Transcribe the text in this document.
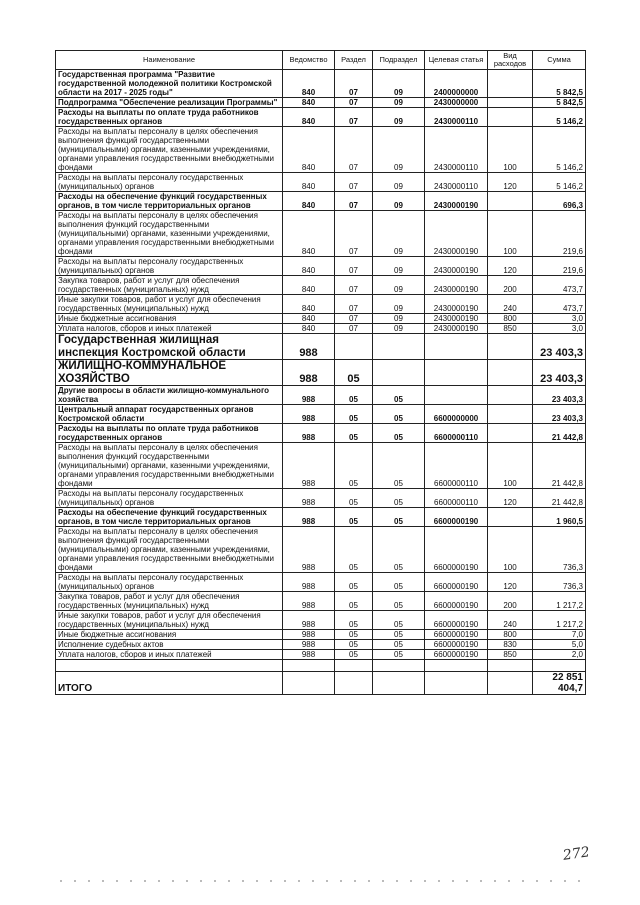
Наименование	Ведомство	Раздел	Подраздел	Целевая статья	Вид расходов	Сумма
Государственная программа "Развитие государственной молодежной политики Костромской области на 2017 - 2025 годы"	840	07	09	2400000000		5 842,5
Подпрограмма "Обеспечение реализации Программы"	840	07	09	2430000000		5 842,5
Расходы на выплаты по оплате труда работников государственных органов	840	07	09	2430000110		5 146,2
Расходы на выплаты персоналу в целях обеспечения выполнения функций государственными (муниципальными) органами, казенными учреждениями, органами управления государственными внебюджетными фондами	840	07	09	2430000110	100	5 146,2
Расходы на выплаты персоналу государственных (муниципальных) органов	840	07	09	2430000110	120	5 146,2
Расходы на обеспечение функций государственных органов, в том числе территориальных органов	840	07	09	2430000190		696,3
Расходы на выплаты персоналу в целях обеспечения выполнения функций государственными (муниципальными) органами, казенными учреждениями, органами управления государственными внебюджетными фондами	840	07	09	2430000190	100	219,6
Расходы на выплаты персоналу государственных (муниципальных) органов	840	07	09	2430000190	120	219,6
Закупка товаров, работ и услуг для обеспечения государственных (муниципальных) нужд	840	07	09	2430000190	200	473,7
Иные закупки товаров, работ и услуг для обеспечения государственных (муниципальных) нужд	840	07	09	2430000190	240	473,7
Иные бюджетные ассигнования	840	07	09	2430000190	800	3,0
Уплата налогов, сборов и иных платежей	840	07	09	2430000190	850	3,0
Государственная жилищная инспекция Костромской области	988					23 403,3
ЖИЛИЩНО-КОММУНАЛЬНОЕ ХОЗЯЙСТВО	988	05				23 403,3
Другие вопросы в области жилищно-коммунального хозяйства	988	05	05			23 403,3
Центральный аппарат государственных органов Костромской области	988	05	05	6600000000		23 403,3
Расходы на выплаты по оплате труда работников государственных органов	988	05	05	6600000110		21 442,8
Расходы на выплаты персоналу в целях обеспечения выполнения функций государственными (муниципальными) органами, казенными учреждениями, органами управления государственными внебюджетными фондами	988	05	05	6600000110	100	21 442,8
Расходы на выплаты персоналу государственных (муниципальных) органов	988	05	05	6600000110	120	21 442,8
Расходы на обеспечение функций государственных органов, в том числе территориальных органов	988	05	05	6600000190		1 960,5
Расходы на выплаты персоналу в целях обеспечения выполнения функций государственными (муниципальными) органами, казенными учреждениями, органами управления государственными внебюджетными фондами	988	05	05	6600000190	100	736,3
Расходы на выплаты персоналу государственных (муниципальных) органов	988	05	05	6600000190	120	736,3
Закупка товаров, работ и услуг для обеспечения государственных (муниципальных) нужд	988	05	05	6600000190	200	1 217,2
Иные закупки товаров, работ и услуг для обеспечения государственных (муниципальных) нужд	988	05	05	6600000190	240	1 217,2
Иные бюджетные ассигнования	988	05	05	6600000190	800	7,0
Исполнение судебных актов	988	05	05	6600000190	830	5,0
Уплата налогов, сборов и иных платежей	988	05	05	6600000190	850	2,0

ИТОГО						22 851 404,7
272
